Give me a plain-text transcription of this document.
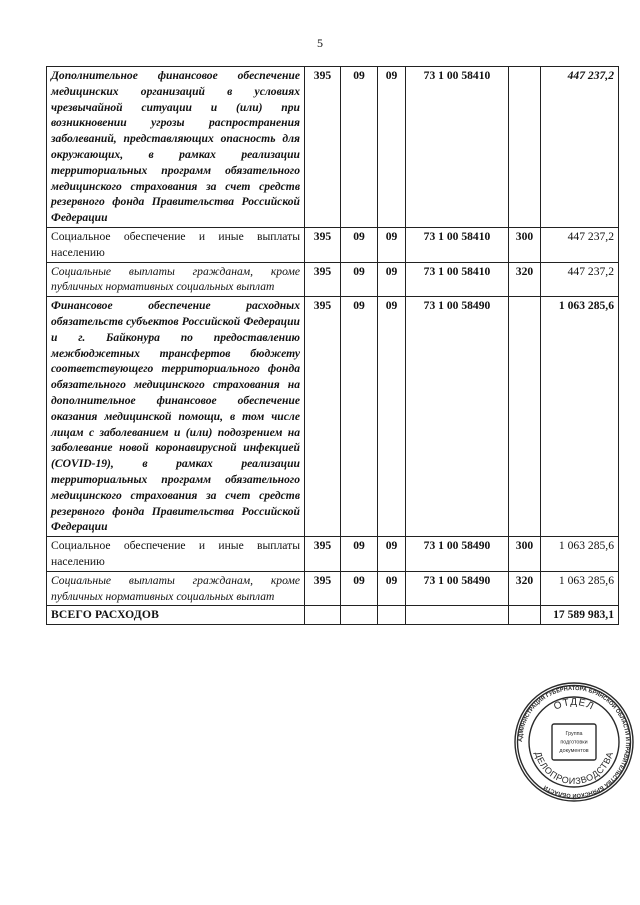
5
Дополнительное финансовое обеспечение медицинских организаций в условиях чрезвычайной ситуации и (или) при возникновении угрозы распространения заболеваний, представляющих опасность для окружающих, в рамках реализации территориальных программ обязательного медицинского страхования за счет средств резервного фонда Правительства Российской Федерации	395	09	09	73 1 00 58410		447 237,2
Социальное обеспечение и иные выплаты населению	395	09	09	73 1 00 58410	300	447 237,2
Социальные выплаты гражданам, кроме публичных нормативных социальных выплат	395	09	09	73 1 00 58410	320	447 237,2
Финансовое обеспечение расходных обязательств субъектов Российской Федерации и г. Байконура по предоставлению межбюджетных трансфертов бюджету соответствующего территориального фонда обязательного медицинского страхования на дополнительное финансовое обеспечение оказания медицинской помощи, в том числе лицам с заболеванием и (или) подозрением на заболевание новой коронавирусной инфекцией (COVID-19), в рамках реализации территориальных программ обязательного медицинского страхования за счет средств резервного фонда Правительства Российской Федерации	395	09	09	73 1 00 58490		1 063 285,6
Социальное обеспечение и иные выплаты населению	395	09	09	73 1 00 58490	300	1 063 285,6
Социальные выплаты гражданам, кроме публичных нормативных социальных выплат	395	09	09	73 1 00 58490	320	1 063 285,6
ВСЕГО РАСХОДОВ						17 589 983,1
АДМИНИСТРАЦИЯ ГУБЕРНАТОРА БРЯНСКОЙ ОБЛАСТИ И ПРАВИТЕЛЬСТВА БРЯНСКОЙ ОБЛАСТИ
ОТДЕЛ
ДЕЛОПРОИЗВОДСТВА
Группа
подготовки
документов
